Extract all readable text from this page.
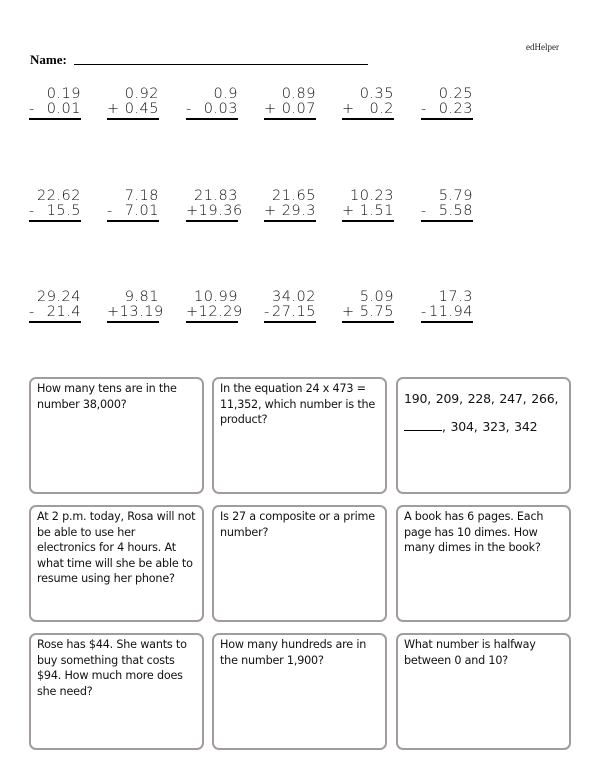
edHelper
Name:
0.19
- 0.01
0.92
+ 0.45
0.9
- 0.03
0.89
+ 0.07
0.35
+ 0.2
0.25
- 0.23
22.62
- 15.5
7.18
- 7.01
21.83
+ 19.36
21.65
+ 29.3
10.23
+ 1.51
5.79
- 5.58
29.24
- 21.4
9.81
+ 13.19
10.99
+ 12.29
34.02
- 27.15
5.09
+ 5.75
17.3
- 11.94
How many tens are in the number 38,000?
In the equation 24 x 473 = 11,352, which number is the product?
190, 209, 228, 247, 266,
, 304, 323, 342
At 2 p.m. today, Rosa will not be able to use her electronics for 4 hours. At what time will she be able to resume using her phone?
Is 27 a composite or a prime number?
A book has 6 pages. Each page has 10 dimes. How many dimes in the book?
Rose has $44. She wants to buy something that costs $94. How much more does she need?
How many hundreds are in the number 1,900?
What number is halfway between 0 and 10?
